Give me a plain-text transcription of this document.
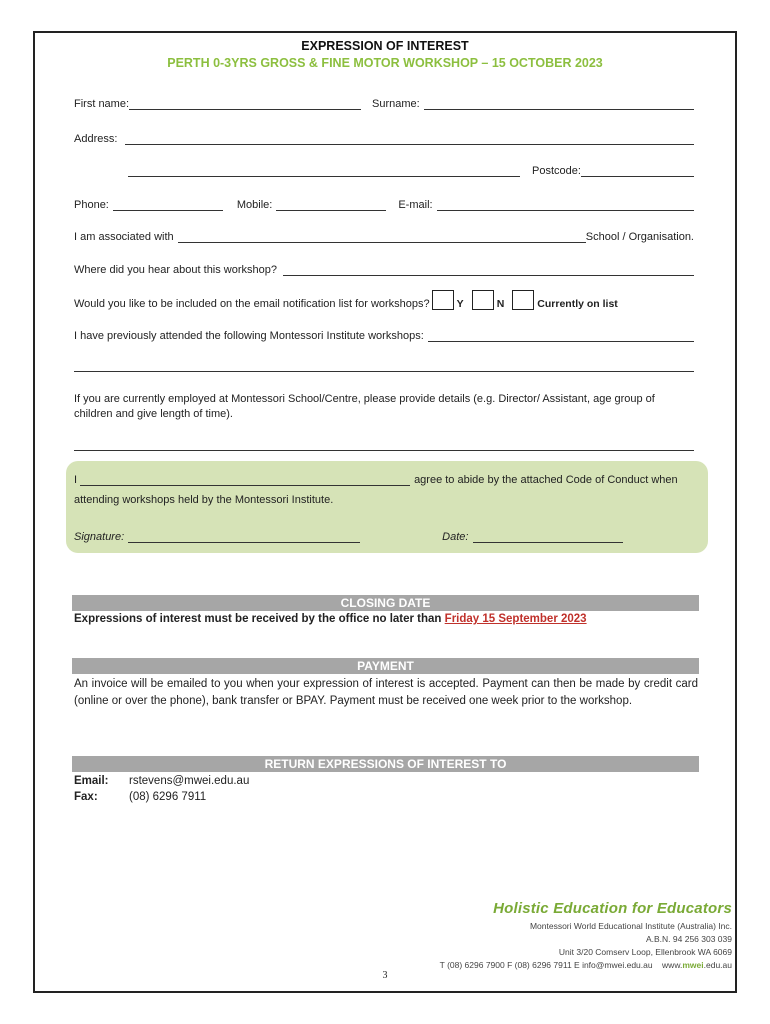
EXPRESSION OF INTEREST
PERTH 0-3YRS GROSS & FINE MOTOR WORKSHOP – 15 OCTOBER 2023
First name:	Surname:
Address:
Postcode:
Phone:	Mobile:	E-mail:
I am associated with	School / Organisation.
Where did you hear about this workshop?
Would you like to be included on the email notification list for workshops?	Y	N	Currently on list
I have previously attended the following Montessori Institute workshops:
If you are currently employed at Montessori School/Centre, please provide details (e.g. Director/ Assistant, age group of children and give length of time).
I	agree to abide by the attached Code of Conduct when
attending workshops held by the Montessori Institute.
Signature:	Date:
CLOSING DATE
Expressions of interest must be received by the office no later than Friday 15 September 2023
PAYMENT
An invoice will be emailed to you when your expression of interest is accepted. Payment can then be made by credit card (online or over the phone), bank transfer or BPAY. Payment must be received one week prior to the workshop.
RETURN EXPRESSIONS OF INTEREST TO
Email: rstevens@mwei.edu.au
Fax:	(08) 6296 7911
Holistic Education for Educators
Montessori World Educational Institute (Australia) Inc.
A.B.N. 94 256 303 039
Unit 3/20 Comserv Loop, Ellenbrook WA 6069
T (08) 6296 7900 F (08) 6296 7911 E info@mwei.edu.au www.mwei.edu.au
3
